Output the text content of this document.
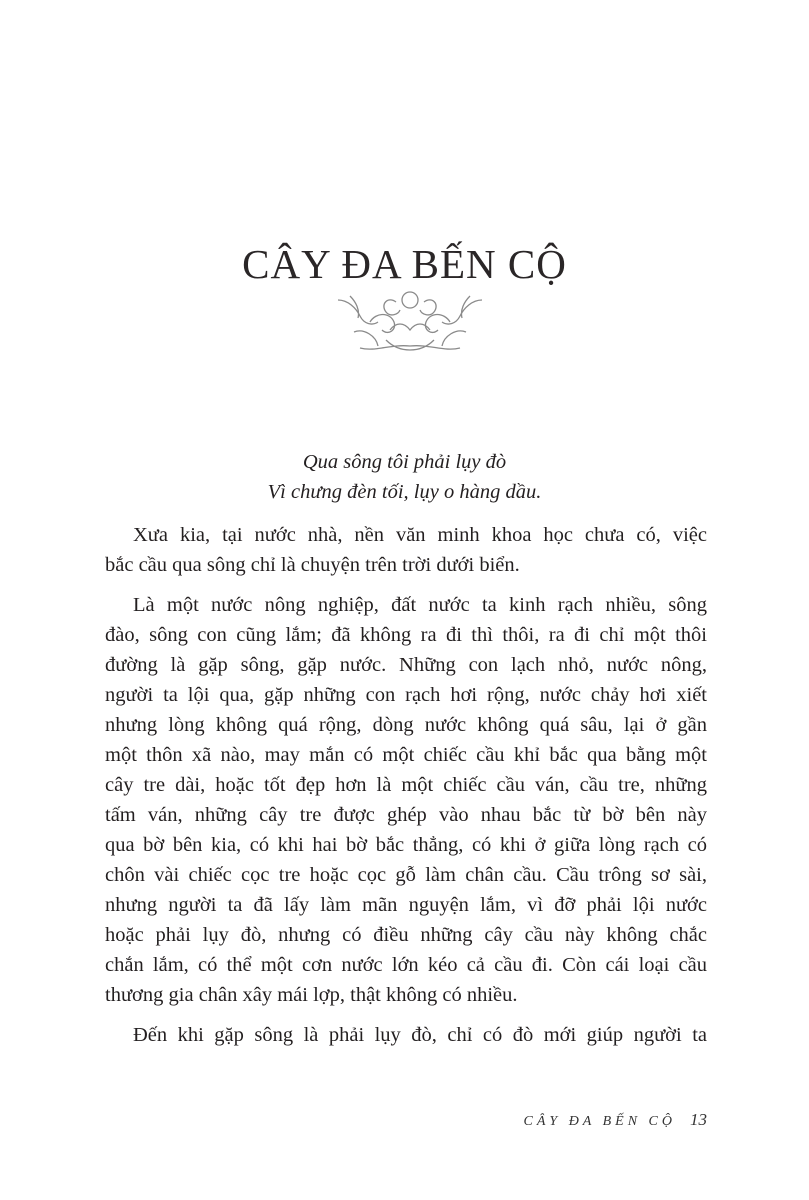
CÂY ĐA BẾN CỘ
Qua sông tôi phải lụy đò
Vì chưng đèn tối, lụy o hàng dầu.
Xưa kia, tại nước nhà, nền văn minh khoa học chưa có, việc
bắc cầu qua sông chỉ là chuyện trên trời dưới biển.
Là một nước nông nghiệp, đất nước ta kinh rạch nhiều, sông
đào, sông con cũng lắm; đã không ra đi thì thôi, ra đi chỉ một thôi
đường là gặp sông, gặp nước. Những con lạch nhỏ, nước nông,
người ta lội qua, gặp những con rạch hơi rộng, nước chảy hơi xiết
nhưng lòng không quá rộng, dòng nước không quá sâu, lại ở gần
một thôn xã nào, may mắn có một chiếc cầu khỉ bắc qua bằng một
cây tre dài, hoặc tốt đẹp hơn là một chiếc cầu ván, cầu tre, những
tấm ván, những cây tre được ghép vào nhau bắc từ bờ bên này
qua bờ bên kia, có khi hai bờ bắc thẳng, có khi ở giữa lòng rạch có
chôn vài chiếc cọc tre hoặc cọc gỗ làm chân cầu. Cầu trông sơ sài,
nhưng người ta đã lấy làm mãn nguyện lắm, vì đỡ phải lội nước
hoặc phải lụy đò, nhưng có điều những cây cầu này không chắc
chắn lắm, có thể một cơn nước lớn kéo cả cầu đi. Còn cái loại cầu
thương gia chân xây mái lợp, thật không có nhiều.
Đến khi gặp sông là phải lụy đò, chỉ có đò mới giúp người ta
CÂY ĐA BẾN CỘ 13
